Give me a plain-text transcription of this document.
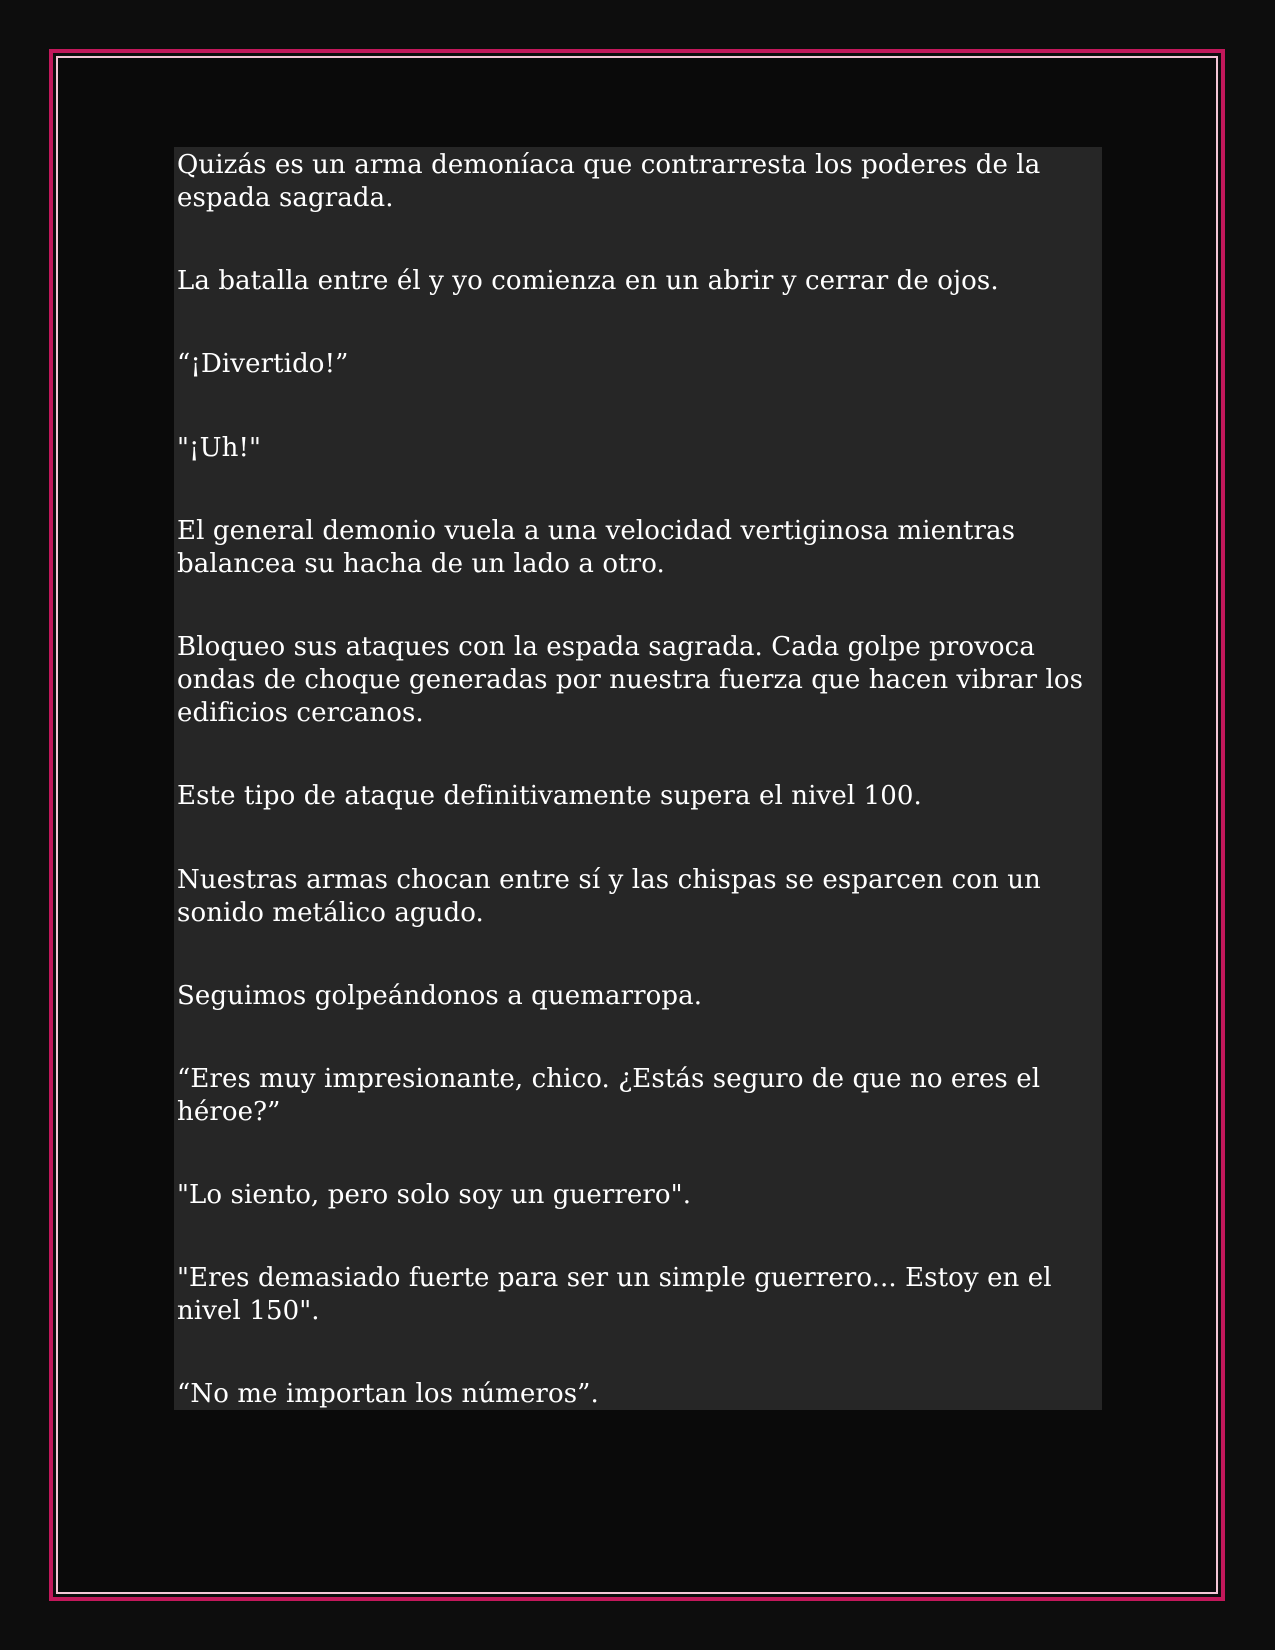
Quizás es un arma demoníaca que contrarresta los poderes de la espada sagrada.

La batalla entre él y yo comienza en un abrir y cerrar de ojos.

“¡Divertido!”

"¡Uh!"

El general demonio vuela a una velocidad vertiginosa mientras balancea su hacha de un lado a otro.

Bloqueo sus ataques con la espada sagrada. Cada golpe provoca ondas de choque generadas por nuestra fuerza que hacen vibrar los edificios cercanos.

Este tipo de ataque definitivamente supera el nivel 100.

Nuestras armas chocan entre sí y las chispas se esparcen con un sonido metálico agudo.

Seguimos golpeándonos a quemarropa.

“Eres muy impresionante, chico. ¿Estás seguro de que no eres el héroe?”

"Lo siento, pero solo soy un guerrero".

"Eres demasiado fuerte para ser un simple guerrero... Estoy en el nivel 150".

“No me importan los números”.
